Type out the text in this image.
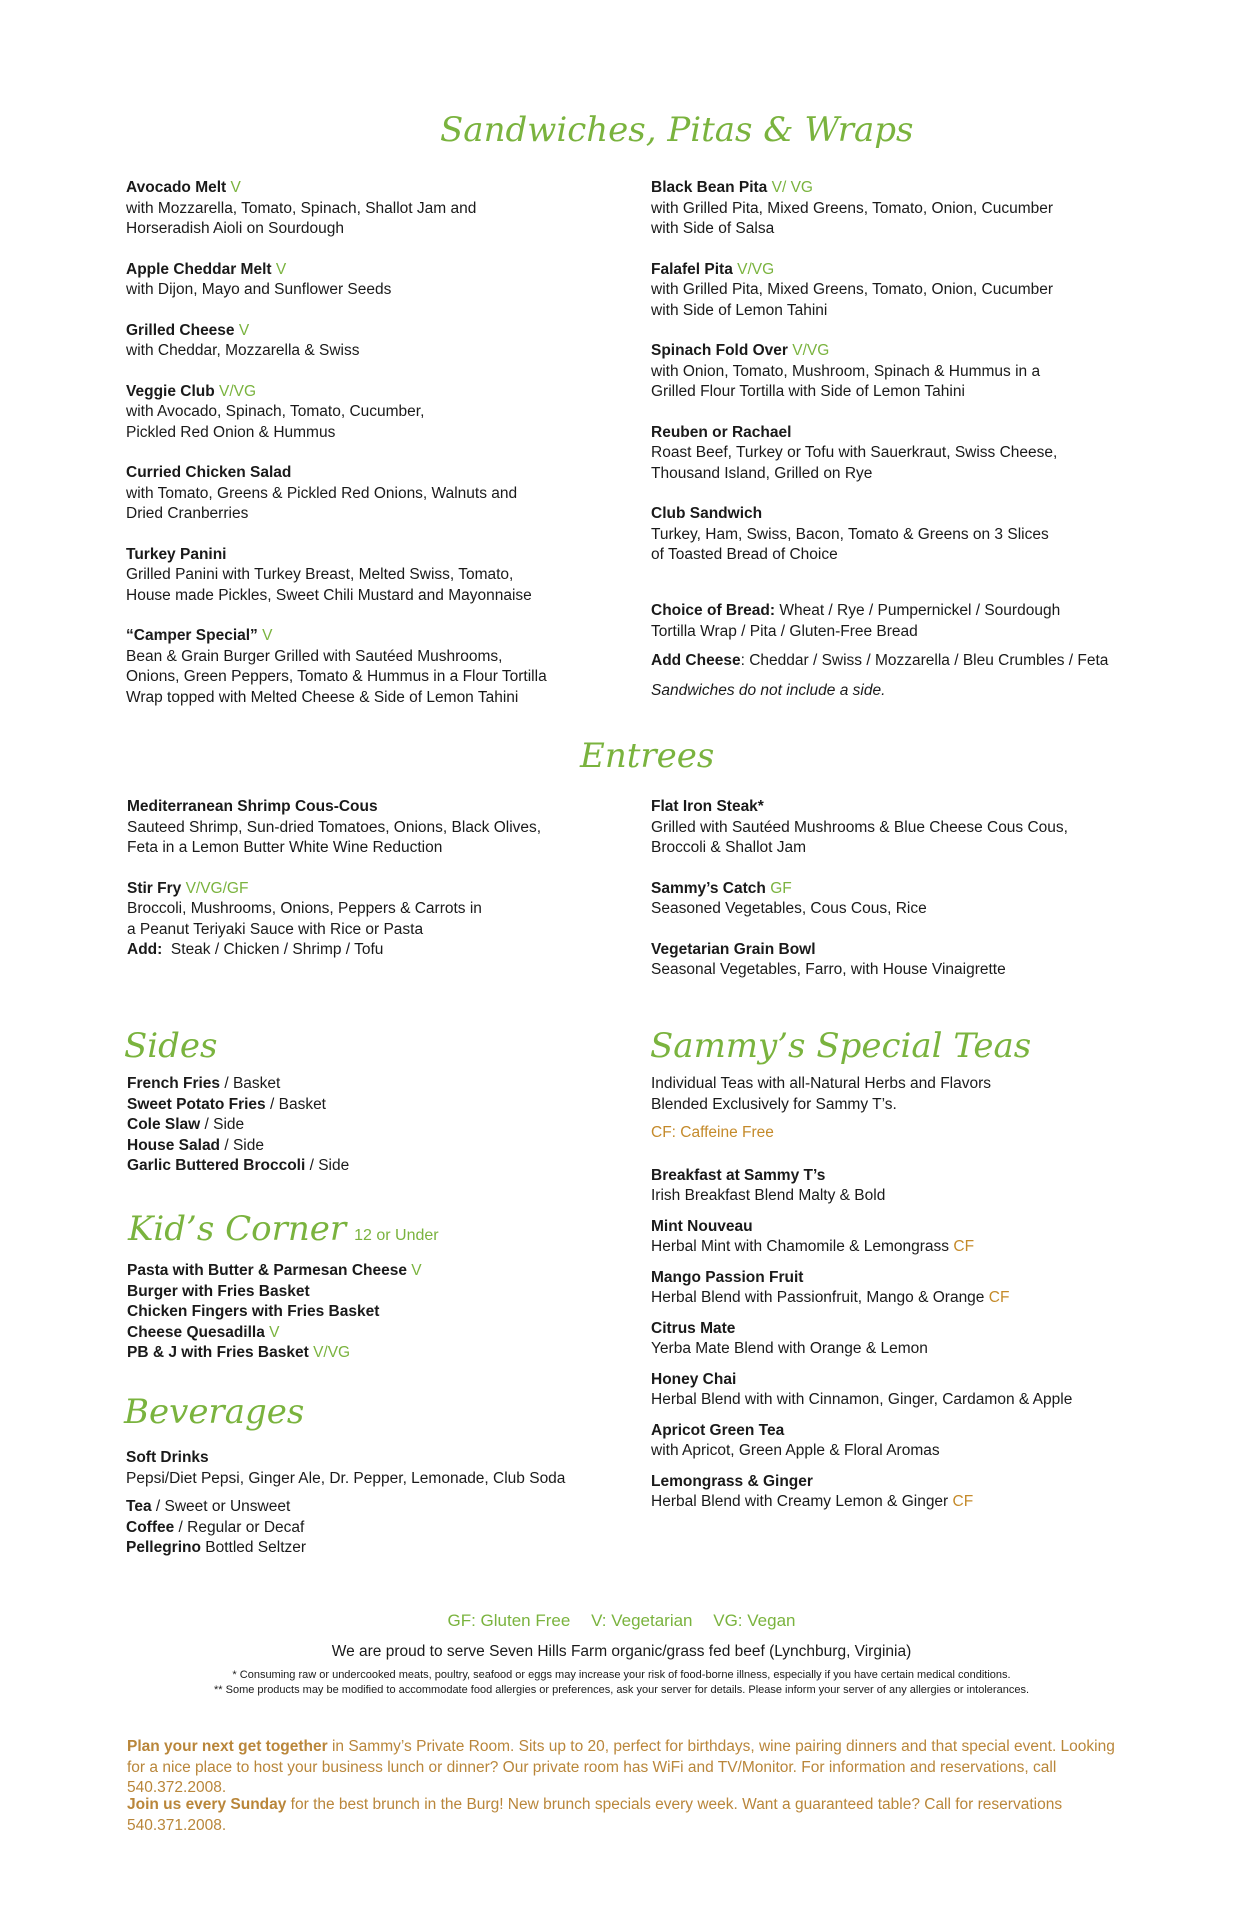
Sandwiches, Pitas & Wraps
Avocado Melt V
with Mozzarella, Tomato, Spinach, Shallot Jam and
Horseradish Aioli on Sourdough
Apple Cheddar Melt V
with Dijon, Mayo and Sunflower Seeds
Grilled Cheese V
with Cheddar, Mozzarella & Swiss
Veggie Club V/VG
with Avocado, Spinach, Tomato, Cucumber,
Pickled Red Onion & Hummus
Curried Chicken Salad
with Tomato, Greens & Pickled Red Onions, Walnuts and
Dried Cranberries
Turkey Panini
Grilled Panini with Turkey Breast, Melted Swiss, Tomato,
House made Pickles, Sweet Chili Mustard and Mayonnaise
“Camper Special” V
Bean & Grain Burger Grilled with Sautéed Mushrooms,
Onions, Green Peppers, Tomato & Hummus in a Flour Tortilla
Wrap topped with Melted Cheese & Side of Lemon Tahini
Black Bean Pita V/ VG
with Grilled Pita, Mixed Greens, Tomato, Onion, Cucumber
with Side of Salsa
Falafel Pita V/VG
with Grilled Pita, Mixed Greens, Tomato, Onion, Cucumber
with Side of Lemon Tahini
Spinach Fold Over V/VG
with Onion, Tomato, Mushroom, Spinach & Hummus in a
Grilled Flour Tortilla with Side of Lemon Tahini
Reuben or Rachael
Roast Beef, Turkey or Tofu with Sauerkraut, Swiss Cheese,
Thousand Island, Grilled on Rye
Club Sandwich
Turkey, Ham, Swiss, Bacon, Tomato & Greens on 3 Slices
of Toasted Bread of Choice
Choice of Bread: Wheat / Rye / Pumpernickel / Sourdough
Tortilla Wrap / Pita / Gluten-Free Bread
Add Cheese: Cheddar / Swiss / Mozzarella / Bleu Crumbles / Feta
Sandwiches do not include a side.
Entrees
Mediterranean Shrimp Cous-Cous
Sauteed Shrimp, Sun-dried Tomatoes, Onions, Black Olives,
Feta in a Lemon Butter White Wine Reduction
Stir Fry V/VG/GF
Broccoli, Mushrooms, Onions, Peppers & Carrots in
a Peanut Teriyaki Sauce with Rice or Pasta
Add: Steak / Chicken / Shrimp / Tofu
Flat Iron Steak*
Grilled with Sautéed Mushrooms & Blue Cheese Cous Cous,
Broccoli & Shallot Jam
Sammy’s Catch GF
Seasoned Vegetables, Cous Cous, Rice
Vegetarian Grain Bowl
Seasonal Vegetables, Farro, with House Vinaigrette
Sides
French Fries / Basket
Sweet Potato Fries / Basket
Cole Slaw / Side
House Salad / Side
Garlic Buttered Broccoli / Side
Kid’s Corner 12 or Under
Pasta with Butter & Parmesan Cheese V
Burger with Fries Basket
Chicken Fingers with Fries Basket
Cheese Quesadilla V
PB & J with Fries Basket V/VG
Beverages
Soft Drinks
Pepsi/Diet Pepsi, Ginger Ale, Dr. Pepper, Lemonade, Club Soda
Tea / Sweet or Unsweet
Coffee / Regular or Decaf
Pellegrino Bottled Seltzer
Sammy’s Special Teas
Individual Teas with all-Natural Herbs and Flavors
Blended Exclusively for Sammy T’s.
CF: Caffeine Free
Breakfast at Sammy T’s
Irish Breakfast Blend Malty & Bold
Mint Nouveau
Herbal Mint with Chamomile & Lemongrass CF
Mango Passion Fruit
Herbal Blend with Passionfruit, Mango & Orange CF
Citrus Mate
Yerba Mate Blend with Orange & Lemon
Honey Chai
Herbal Blend with with Cinnamon, Ginger, Cardamon & Apple
Apricot Green Tea
with Apricot, Green Apple & Floral Aromas
Lemongrass & Ginger
Herbal Blend with Creamy Lemon & Ginger CF
GF: Gluten Free V: Vegetarian VG: Vegan
We are proud to serve Seven Hills Farm organic/grass fed beef (Lynchburg, Virginia)
* Consuming raw or undercooked meats, poultry, seafood or eggs may increase your risk of food-borne illness, especially if you have certain medical conditions.
** Some products may be modified to accommodate food allergies or preferences, ask your server for details. Please inform your server of any allergies or intolerances.
Plan your next get together in Sammy’s Private Room. Sits up to 20, perfect for birthdays, wine pairing dinners and that special event. Looking for a nice place to host your business lunch or dinner? Our private room has WiFi and TV/Monitor. For information and reservations, call 540.372.2008.
Join us every Sunday for the best brunch in the Burg! New brunch specials every week. Want a guaranteed table? Call for reservations 540.371.2008.
